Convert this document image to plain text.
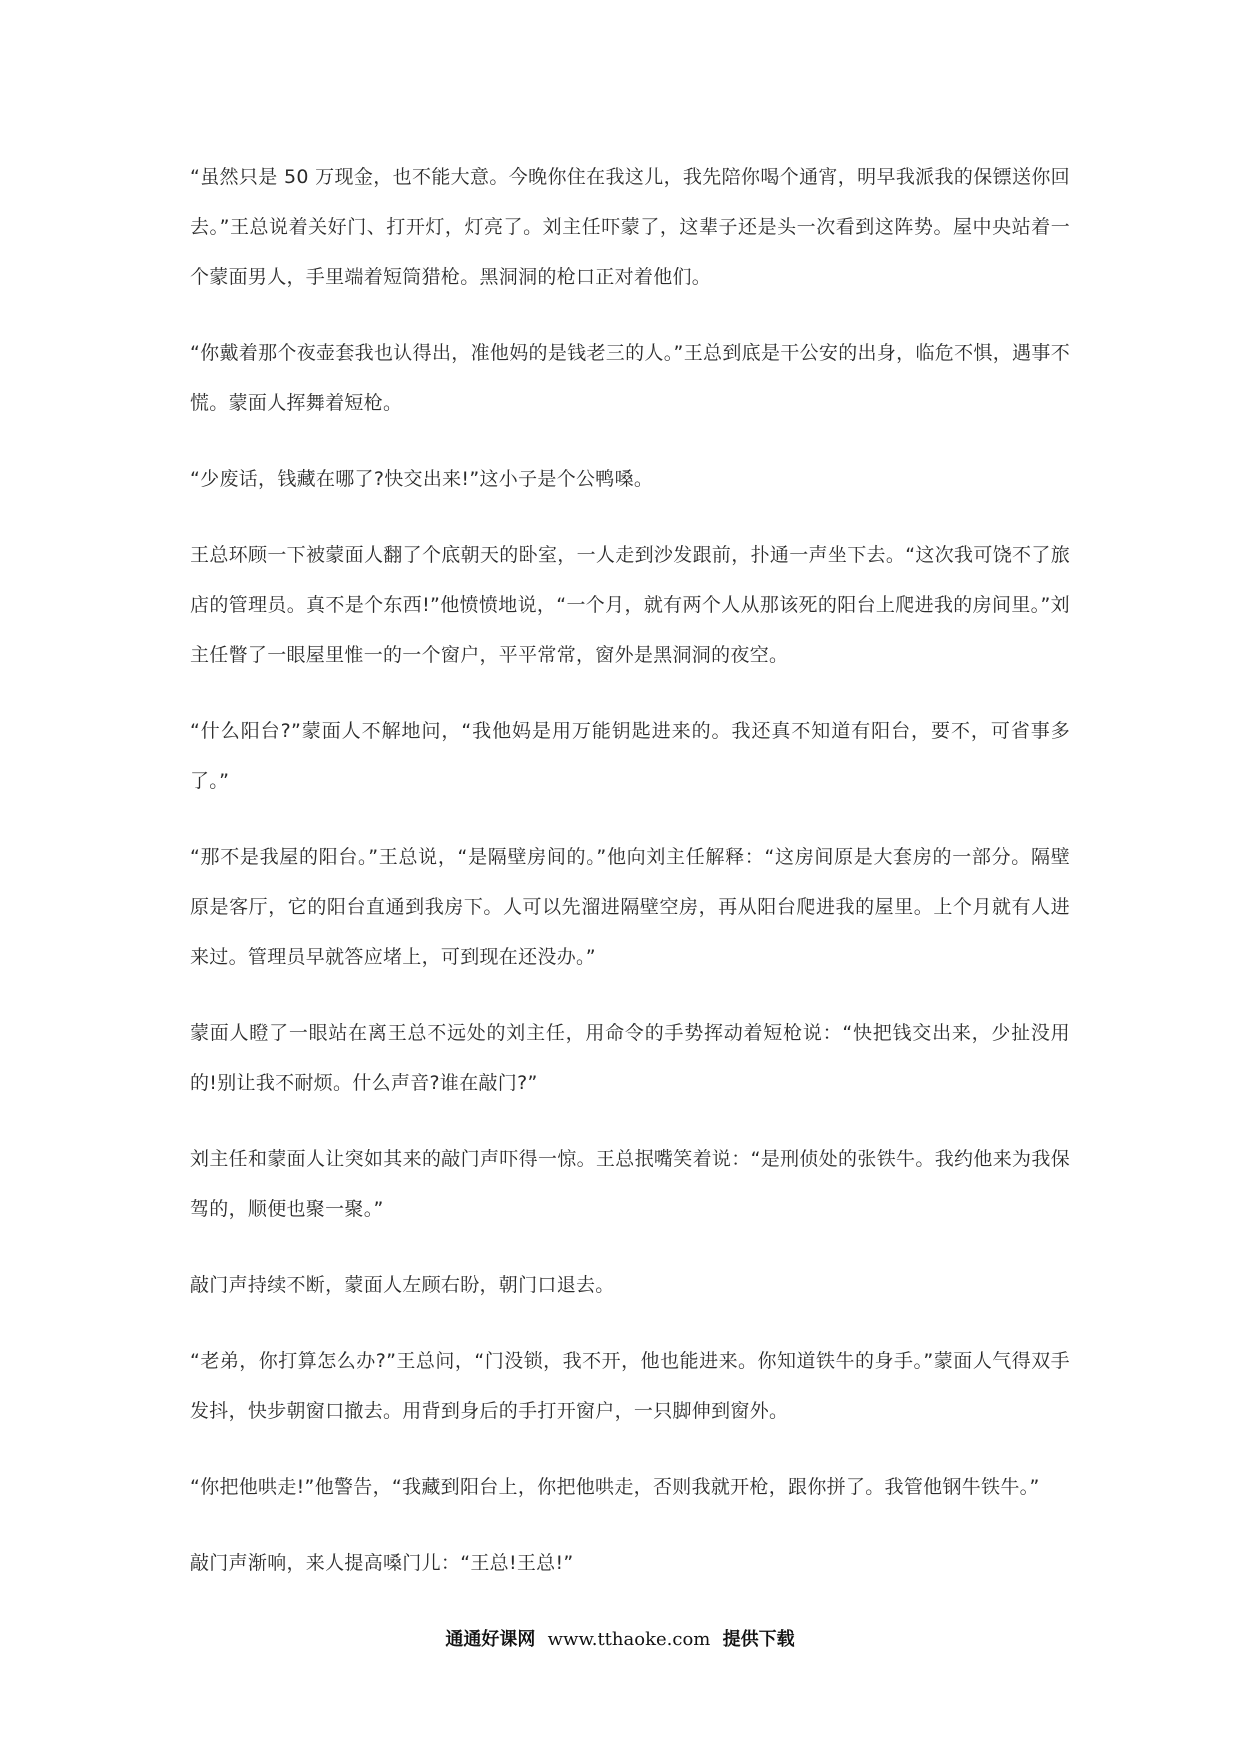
“虽然只是 50 万现金，也不能大意。今晚你住在我这儿，我先陪你喝个通宵，明早我派我的保镖送你回去。”王总说着关好门、打开灯，灯亮了。刘主任吓蒙了，这辈子还是头一次看到这阵势。屋中央站着一个蒙面男人，手里端着短筒猎枪。黑洞洞的枪口正对着他们。

“你戴着那个夜壶套我也认得出，准他妈的是钱老三的人。”王总到底是干公安的出身，临危不惧，遇事不慌。蒙面人挥舞着短枪。

“少废话，钱藏在哪了?快交出来!”这小子是个公鸭嗓。

王总环顾一下被蒙面人翻了个底朝天的卧室，一人走到沙发跟前，扑通一声坐下去。“这次我可饶不了旅店的管理员。真不是个东西!”他愤愤地说，“一个月，就有两个人从那该死的阳台上爬进我的房间里。”刘主任瞥了一眼屋里惟一的一个窗户，平平常常，窗外是黑洞洞的夜空。

“什么阳台?”蒙面人不解地问，“我他妈是用万能钥匙进来的。我还真不知道有阳台，要不，可省事多了。”

“那不是我屋的阳台。”王总说，“是隔壁房间的。”他向刘主任解释：“这房间原是大套房的一部分。隔壁原是客厅，它的阳台直通到我房下。人可以先溜进隔壁空房，再从阳台爬进我的屋里。上个月就有人进来过。管理员早就答应堵上，可到现在还没办。”

蒙面人瞪了一眼站在离王总不远处的刘主任，用命令的手势挥动着短枪说：“快把钱交出来，少扯没用的!别让我不耐烦。什么声音?谁在敲门?”

刘主任和蒙面人让突如其来的敲门声吓得一惊。王总抿嘴笑着说：“是刑侦处的张铁牛。我约他来为我保驾的，顺便也聚一聚。”

敲门声持续不断，蒙面人左顾右盼，朝门口退去。

“老弟，你打算怎么办?”王总问，“门没锁，我不开，他也能进来。你知道铁牛的身手。”蒙面人气得双手发抖，快步朝窗口撤去。用背到身后的手打开窗户，一只脚伸到窗外。

“你把他哄走!”他警告，“我藏到阳台上，你把他哄走，否则我就开枪，跟你拼了。我管他钢牛铁牛。”

敲门声渐响，来人提高嗓门儿：“王总!王总!”

通通好课网 www.tthaoke.com 提供下载
